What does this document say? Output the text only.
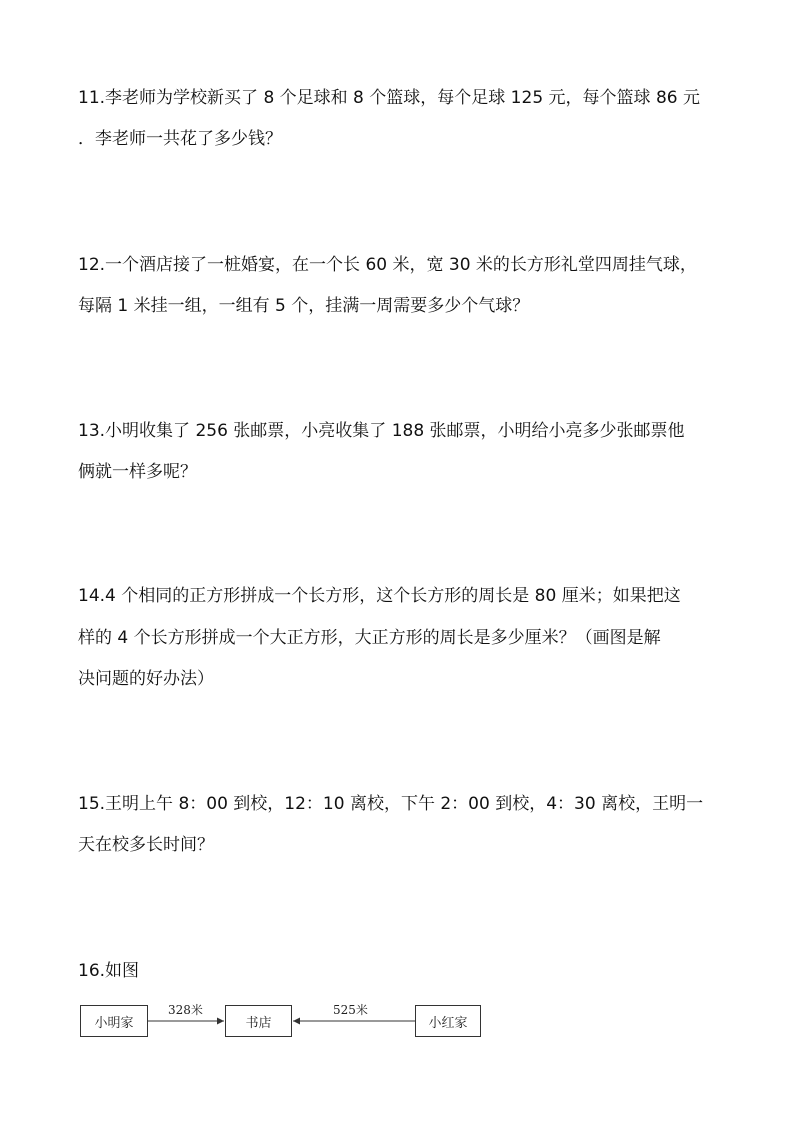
11.李老师为学校新买了 8 个足球和 8 个篮球，每个足球 125 元，每个篮球 86 元
．李老师一共花了多少钱？
12.一个酒店接了一桩婚宴，在一个长 60 米，宽 30 米的长方形礼堂四周挂气球，
每隔 1 米挂一组，一组有 5 个，挂满一周需要多少个气球？
13.小明收集了 256 张邮票，小亮收集了 188 张邮票，小明给小亮多少张邮票他
俩就一样多呢？
14.4 个相同的正方形拼成一个长方形，这个长方形的周长是 80 厘米；如果把这
样的 4 个长方形拼成一个大正方形，大正方形的周长是多少厘米？（画图是解
决问题的好办法）
15.王明上午 8：00 到校，12：10 离校，下午 2：00 到校，4：30 离校，王明一
天在校多长时间？
16.如图
小明家	书店	小红家
328米	525米
